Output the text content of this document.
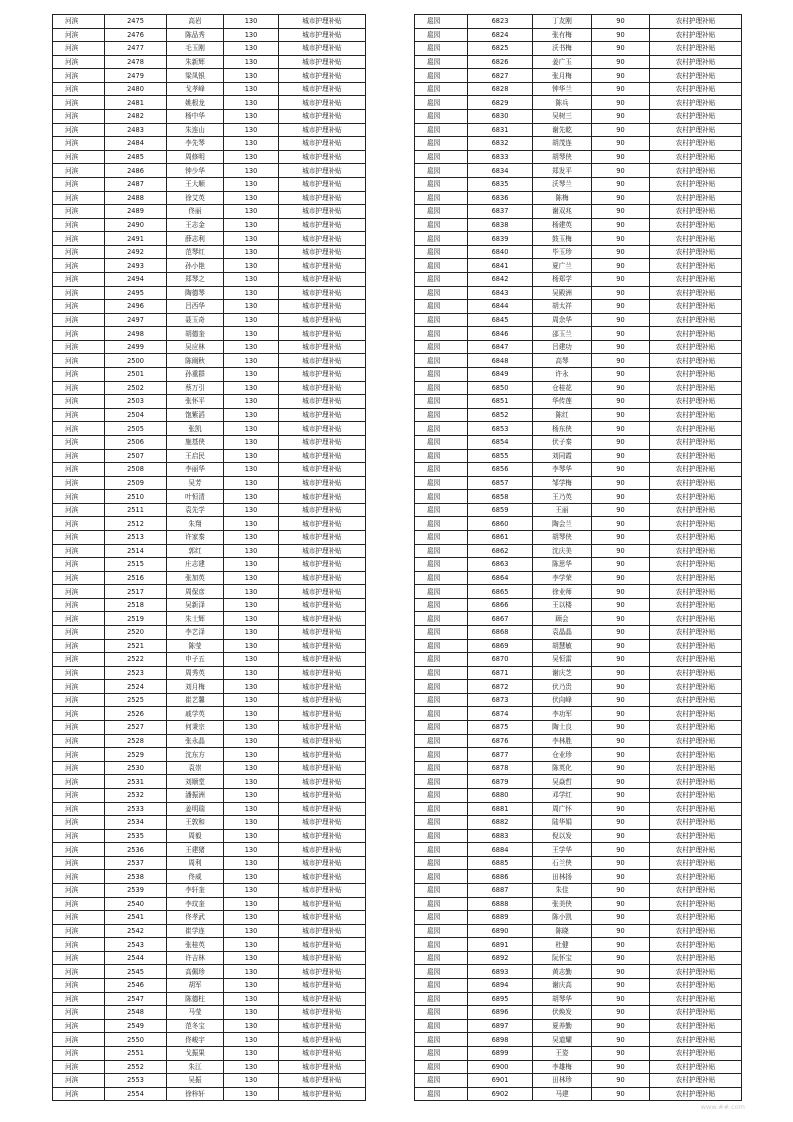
河滨	2475	高岩	130	城市护理补贴
河滨	2476	陈品秀	130	城市护理补贴
河滨	2477	毛玉刚	130	城市护理补贴
河滨	2478	朱新辉	130	城市护理补贴
河滨	2479	梁凤银	130	城市护理补贴
河滨	2480	戈孝峰	130	城市护理补贴
河滨	2481	姚根龙	130	城市护理补贴
河滨	2482	杨中华	130	城市护理补贴
河滨	2483	朱连山	130	城市护理补贴
河滨	2484	李先琴	130	城市护理补贴
河滨	2485	周修明	130	城市护理补贴
河滨	2486	钟少华	130	城市护理补贴
河滨	2487	王大顺	130	城市护理补贴
河滨	2488	徐艾英	130	城市护理补贴
河滨	2489	佟丽	130	城市护理补贴
河滨	2490	王志金	130	城市护理补贴
河滨	2491	薛志利	130	城市护理补贴
河滨	2492	范琴红	130	城市护理补贴
河滨	2493	孙小艳	130	城市护理补贴
河滨	2494	郑琴之	130	城市护理补贴
河滨	2495	陶德琴	130	城市护理补贴
河滨	2496	吕西华	130	城市护理补贴
河滨	2497	聂玉奇	130	城市护理补贴
河滨	2498	胡德奎	130	城市护理补贴
河滨	2499	吴应林	130	城市护理补贴
河滨	2500	陈阐秋	130	城市护理补贴
河滨	2501	孙重群	130	城市护理补贴
河滨	2502	蔡万引	130	城市护理补贴
河滨	2503	张怀平	130	城市护理补贴
河滨	2504	饱紫滔	130	城市护理补贴
河滨	2505	张凯	130	城市护理补贴
河滨	2506	施基侠	130	城市护理补贴
河滨	2507	王启民	130	城市护理补贴
河滨	2508	李丽华	130	城市护理补贴
河滨	2509	吴芳	130	城市护理补贴
河滨	2510	叶恒清	130	城市护理补贴
河滨	2511	袁先学	130	城市护理补贴
河滨	2512	朱翔	130	城市护理补贴
河滨	2513	许家秦	130	城市护理补贴
河滨	2514	郭红	130	城市护理补贴
河滨	2515	庄志建	130	城市护理补贴
河滨	2516	张加英	130	城市护理补贴
河滨	2517	周保彦	130	城市护理补贴
河滨	2518	吴新泽	130	城市护理补贴
河滨	2519	朱士辉	130	城市护理补贴
河滨	2520	李艺泽	130	城市护理补贴
河滨	2521	陈莹	130	城市护理补贴
河滨	2522	申子五	130	城市护理补贴
河滨	2523	周秀英	130	城市护理补贴
河滨	2524	刘月梅	130	城市护理补贴
河滨	2525	崔艺馨	130	城市护理补贴
河滨	2526	戚学英	130	城市护理补贴
河滨	2527	何秉宗	130	城市护理补贴
河滨	2528	张永晶	130	城市护理补贴
河滨	2529	沈东方	130	城市护理补贴
河滨	2530	袁崇	130	城市护理补贴
河滨	2531	刘顺堂	130	城市护理补贴
河滨	2532	潘振洲	130	城市护理补贴
河滨	2533	姜明瑞	130	城市护理补贴
河滨	2534	王敦和	130	城市护理补贴
河滨	2535	周毅	130	城市护理补贴
河滨	2536	王建猪	130	城市护理补贴
河滨	2537	周利	130	城市护理补贴
河滨	2538	佟威	130	城市护理补贴
河滨	2539	李轩奎	130	城市护理补贴
河滨	2540	李玟奎	130	城市护理补贴
河滨	2541	佟孝武	130	城市护理补贴
河滨	2542	崔学连	130	城市护理补贴
河滨	2543	张桂英	130	城市护理补贴
河滨	2544	许吉林	130	城市护理补贴
河滨	2545	高佩珍	130	城市护理补贴
河滨	2546	胡军	130	城市护理补贴
河滨	2547	陈德柱	130	城市护理补贴
河滨	2548	马莹	130	城市护理补贴
河滨	2549	范冬宝	130	城市护理补贴
河滨	2550	佟峻宇	130	城市护理补贴
河滨	2551	戈振果	130	城市护理补贴
河滨	2552	朱江	130	城市护理补贴
河滨	2553	吴振	130	城市护理补贴
河滨	2554	徐梓轩	130	城市护理补贴
扈园	6823	丁友刚	90	农村护理补贴
扈园	6824	张有梅	90	农村护理补贴
扈园	6825	沃书梅	90	农村护理补贴
扈园	6826	姜广玉	90	农村护理补贴
扈园	6827	张月梅	90	农村护理补贴
扈园	6828	钟华兰	90	农村护理补贴
扈园	6829	陈兵	90	农村护理补贴
扈园	6830	吴树三	90	农村护理补贴
扈园	6831	谢先乾	90	农村护理补贴
扈园	6832	胡茂连	90	农村护理补贴
扈园	6833	胡琴侠	90	农村护理补贴
扈园	6834	郑发平	90	农村护理补贴
扈园	6835	沃琴兰	90	农村护理补贴
扈园	6836	陈梅	90	农村护理补贴
扈园	6837	谢双兆	90	农村护理补贴
扈园	6838	杨建英	90	农村护理补贴
扈园	6839	鼓玉梅	90	农村护理补贴
扈园	6840	毕玉珍	90	农村护理补贴
扈园	6841	夏广兰	90	农村护理补贴
扈园	6842	杨郑学	90	农村护理补贴
扈园	6843	吴殿洲	90	农村护理补贴
扈园	6844	胡太祥	90	农村护理补贴
扈园	6845	周余华	90	农村护理补贴
扈园	6846	邵玉兰	90	农村护理补贴
扈园	6847	吕建功	90	农村护理补贴
扈园	6848	高琴	90	农村护理补贴
扈园	6849	许永	90	农村护理补贴
扈园	6850	仓桂花	90	农村护理补贴
扈园	6851	华传莲	90	农村护理补贴
扈园	6852	陈红	90	农村护理补贴
扈园	6853	杨东侠	90	农村护理补贴
扈园	6854	伏子秦	90	农村护理补贴
扈园	6855	刘同霞	90	农村护理补贴
扈园	6856	李琴华	90	农村护理补贴
扈园	6857	邹学梅	90	农村护理补贴
扈园	6858	王乃英	90	农村护理补贴
扈园	6859	王丽	90	农村护理补贴
扈园	6860	陶会兰	90	农村护理补贴
扈园	6861	胡琴侠	90	农村护理补贴
扈园	6862	沈庆美	90	农村护理补贴
扈园	6863	陈思华	90	农村护理补贴
扈园	6864	李学荣	90	农村护理补贴
扈园	6865	徐业师	90	农村护理补贴
扈园	6866	王以楼	90	农村护理补贴
扈园	6867	顾会	90	农村护理补贴
扈园	6868	袁晶晶	90	农村护理补贴
扈园	6869	胡慧敏	90	农村护理补贴
扈园	6870	吴恒雷	90	农村护理补贴
扈园	6871	谢庆芝	90	农村护理补贴
扈园	6872	伏乃贵	90	农村护理补贴
扈园	6873	伏向峰	90	农村护理补贴
扈园	6874	李功军	90	农村护理补贴
扈园	6875	陶士良	90	农村护理补贴
扈园	6876	李林胜	90	农村护理补贴
扈园	6877	仓业珍	90	农村护理补贴
扈园	6878	陈英化	90	农村护理补贴
扈园	6879	吴焱哲	90	农村护理补贴
扈园	6880	邓学红	90	农村护理补贴
扈园	6881	周广怀	90	农村护理补贴
扈园	6882	陆华娟	90	农村护理补贴
扈园	6883	倪以发	90	农村护理补贴
扈园	6884	王学华	90	农村护理补贴
扈园	6885	石兰侠	90	农村护理补贴
扈园	6886	田林扬	90	农村护理补贴
扈园	6887	朱佳	90	农村护理补贴
扈园	6888	张美侠	90	农村护理补贴
扈园	6889	陈小凯	90	农村护理补贴
扈园	6890	陈晓	90	农村护理补贴
扈园	6891	杜健	90	农村护理补贴
扈园	6892	阮怀宝	90	农村护理补贴
扈园	6893	黄志勤	90	农村护理补贴
扈园	6894	谢庆高	90	农村护理补贴
扈园	6895	胡琴华	90	农村护理补贴
扈园	6896	伏焕发	90	农村护理补贴
扈园	6897	夏养勤	90	农村护理补贴
扈园	6898	吴道耀	90	农村护理补贴
扈园	6899	王姿	90	农村护理补贴
扈园	6900	李雄梅	90	农村护理补贴
扈园	6901	田林珍	90	农村护理补贴
扈园	6902	马建	90	农村护理补贴
www.##.com
